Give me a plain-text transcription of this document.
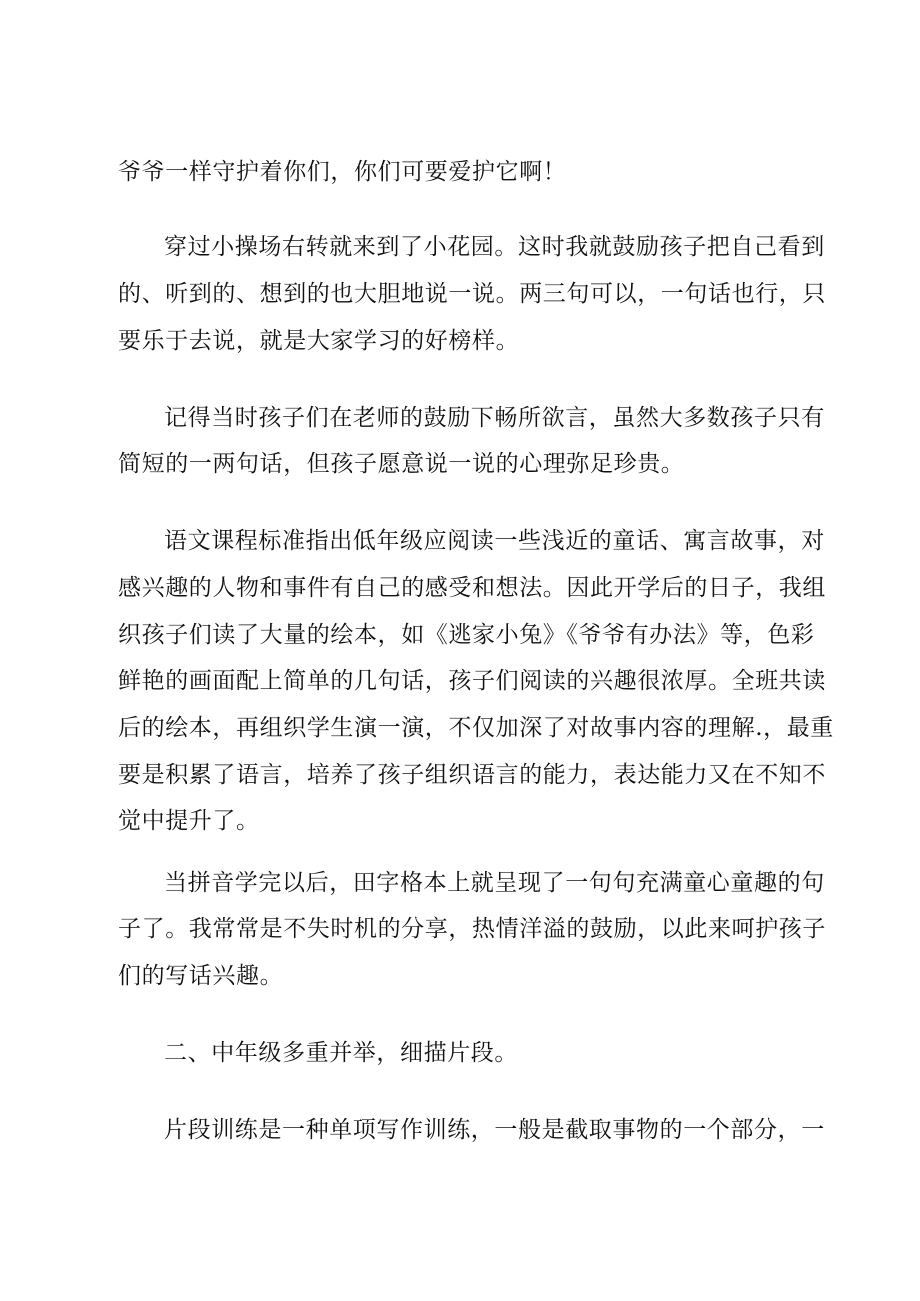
爷爷一样守护着你们，你们可要爱护它啊！
穿过小操场右转就来到了小花园。这时我就鼓励孩子把自己看到
的、听到的、想到的也大胆地说一说。两三句可以，一句话也行，只
要乐于去说，就是大家学习的好榜样。
记得当时孩子们在老师的鼓励下畅所欲言，虽然大多数孩子只有
简短的一两句话，但孩子愿意说一说的心理弥足珍贵。
语文课程标准指出低年级应阅读一些浅近的童话、寓言故事，对
感兴趣的人物和事件有自己的感受和想法。因此开学后的日子，我组
织孩子们读了大量的绘本，如《逃家小兔》《爷爷有办法》等，色彩
鲜艳的画面配上简单的几句话，孩子们阅读的兴趣很浓厚。全班共读
后的绘本，再组织学生演一演，不仅加深了对故事内容的理解.，最重
要是积累了语言，培养了孩子组织语言的能力，表达能力又在不知不
觉中提升了。
当拼音学完以后，田字格本上就呈现了一句句充满童心童趣的句
子了。我常常是不失时机的分享，热情洋溢的鼓励，以此来呵护孩子
们的写话兴趣。
二、中年级多重并举，细描片段。
片段训练是一种单项写作训练，一般是截取事物的一个部分，一
